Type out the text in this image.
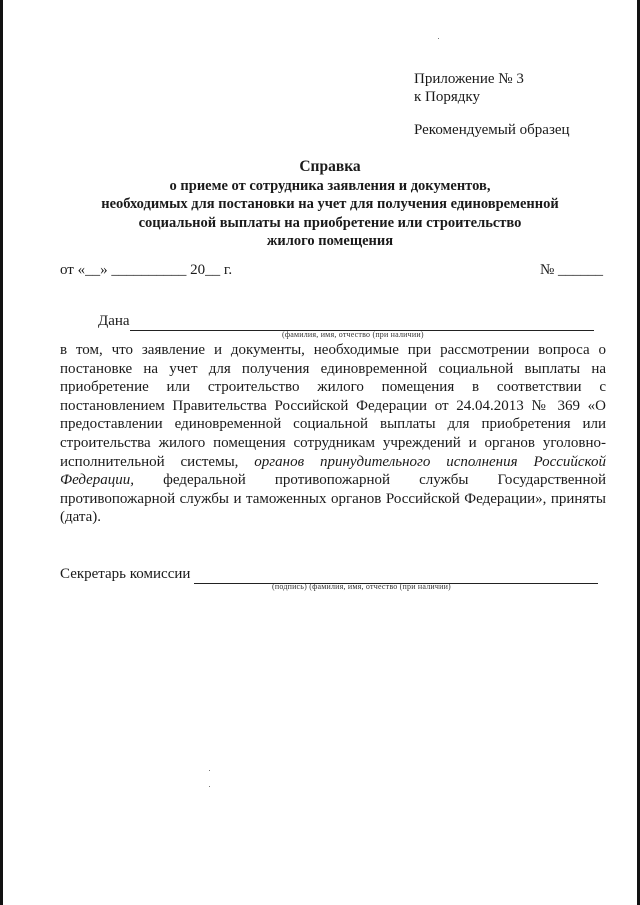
Приложение № 3
к Порядку
Рекомендуемый образец
Справка
о приеме от сотрудника заявления и документов,
необходимых для постановки на учет для получения единовременной
социальной выплаты на приобретение или строительство
жилого помещения
от «__» __________ 20__ г.	№ ______
Дана
(фамилия, имя, отчество (при наличии)
в том, что заявление и документы, необходимые при рассмотрении вопроса о постановке на учет для получения единовременной социальной выплаты на приобретение или строительство жилого помещения в соответствии с постановлением Правительства Российской Федерации от 24.04.2013 № 369 «О предоставлении единовременной социальной выплаты для приобретения или строительства жилого помещения сотрудникам учреждений и органов уголовно-исполнительной системы, органов принудительного исполнения Российской Федерации, федеральной противопожарной службы Государственной противопожарной службы и таможенных органов Российской Федерации», приняты (дата).
Секретарь комиссии
(подпись) (фамилия, имя, отчество (при наличии)
